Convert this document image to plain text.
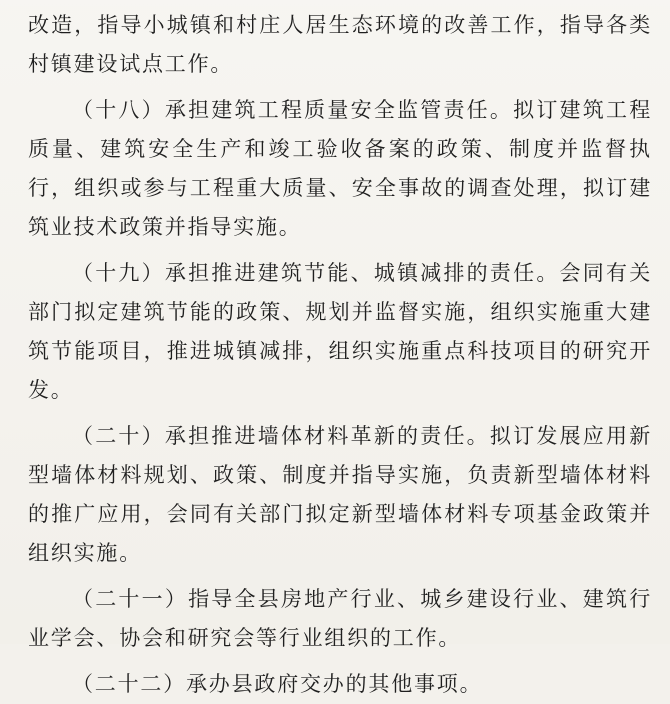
改造，指导小城镇和村庄人居生态环境的改善工作，指导各类村镇建设试点工作。

（十八）承担建筑工程质量安全监管责任。拟订建筑工程质量、建筑安全生产和竣工验收备案的政策、制度并监督执行，组织或参与工程重大质量、安全事故的调查处理，拟订建筑业技术政策并指导实施。

（十九）承担推进建筑节能、城镇减排的责任。会同有关部门拟定建筑节能的政策、规划并监督实施，组织实施重大建筑节能项目，推进城镇减排，组织实施重点科技项目的研究开发。

（二十）承担推进墙体材料革新的责任。拟订发展应用新型墙体材料规划、政策、制度并指导实施，负责新型墙体材料的推广应用，会同有关部门拟定新型墙体材料专项基金政策并组织实施。

（二十一）指导全县房地产行业、城乡建设行业、建筑行业学会、协会和研究会等行业组织的工作。

（二十二）承办县政府交办的其他事项。
